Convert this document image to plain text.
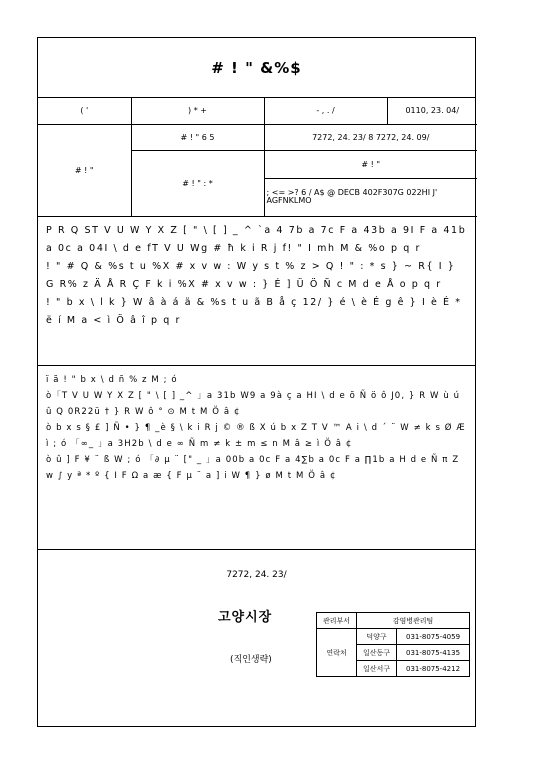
# ! " &%$
( '	) * +	- , . /	0110, 23. 04/
# ! "	# ! " 6 5	7272, 24. 23/ 8 7272, 24. 09/	
	# ! " : *	# ! "	
		; <= >? 6 / A$ @ DECB 402F307G 022HI J' AGFNKLMO	

P R Q ST V U W Y X Z [ " \ [ ] _ ^ `a 4 7b a 7c F a 43b a 9I F a 41b a 0c a 04I \ d e fT V U Wg # ħ k i R j f! " I mh M & %o p q r

! " # Q & %s t u %X # x v w : W y s t % z > Q ! " : * s } ~ R{ I } G R% z Ä Å R Ç F k i %X # x v w : } É ] Ü Ö Ñ c M d e Å o p q r

! " b x \ l k } W â à á ä & %s t u ã B å ç 12/ } é \ è É g ê } I è É * ë í M a < ì Ö â î p q r

ï ã ! " b x \ d ñ % z M ; ó

ò「T V U W Y X Z [ " \ [ ] _^ 」a 31b W9 a 9à ç a HI \ d e õ Ñ ö ô J0, } R W ù ú û Q 0R22ü † } R W ô ° ⊙ M t M Ö â ¢

ò b x s § £ ] Ñ • } ¶ _è § \ k i R j © ® ß X ú b x Z T V ™ A i \ d ´ ¨ W ≠ k s Ø Æì ; ó 「∞_ 」a 3H2b \ d e ∞ Ñ m ≠ k ± m ≤ n M â ≥ ì Ö â ¢

ò û ] F ¥ ¨ ß W ; ó 「∂ μ ¨ [" _ 」a 00b a 0c F a 4∑b a 0c F a ∏1b a H d e Ñ π Z w ∫ y ª * º { I F Ω a æ { F μ ¨ a ] i W ¶ } ø M t M Ö â ¢

7272, 24. 23/
고양시장
(직인생략)
관리부서	감염병관리팀	
연락처	덕양구	031-8075-4059
	일산동구	031-8075-4135
	일산서구	031-8075-4212
